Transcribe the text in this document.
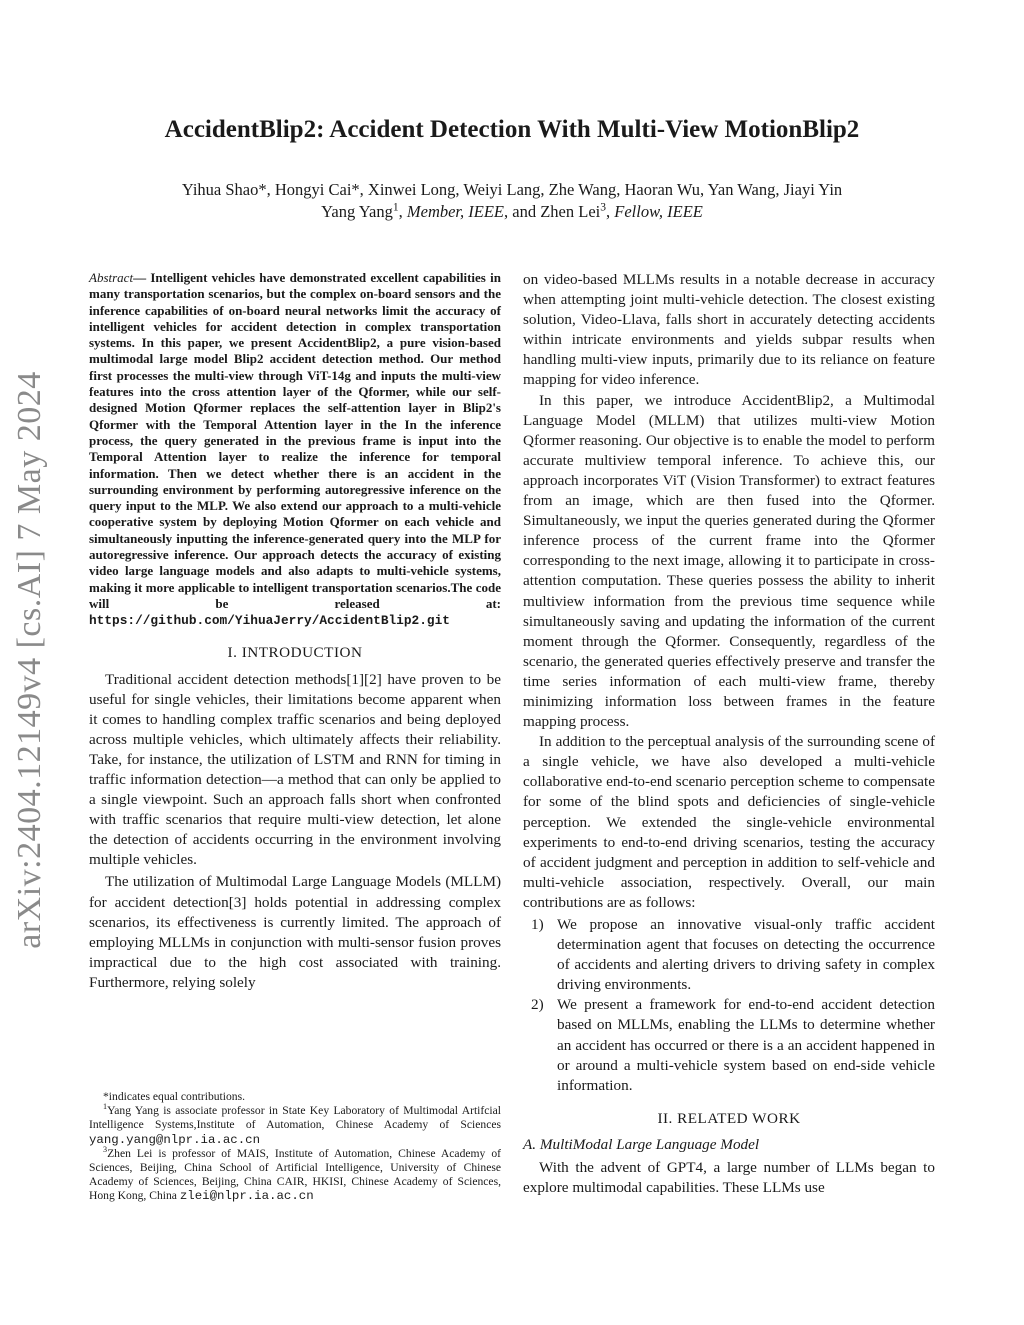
arXiv:2404.12149v4 [cs.AI] 7 May 2024
AccidentBlip2: Accident Detection With Multi-View MotionBlip2
Yihua Shao*, Hongyi Cai*, Xinwei Long, Weiyi Lang, Zhe Wang, Haoran Wu, Yan Wang, Jiayi Yin
Yang Yang$^1$, Member, IEEE, and Zhen Lei$^3$, Fellow, IEEE

Abstract— Intelligent vehicles have demonstrated excellent capabilities in many transportation scenarios, but the complex on-board sensors and the inference capabilities of on-board neural networks limit the accuracy of intelligent vehicles for accident detection in complex transportation systems. In this paper, we present AccidentBlip2, a pure vision-based multimodal large model Blip2 accident detection method. Our method first processes the multi-view through ViT-14g and inputs the multi-view features into the cross attention layer of the Qformer, while our self-designed Motion Qformer replaces the self-attention layer in Blip2's Qformer with the Temporal Attention layer in the In the inference process, the query generated in the previous frame is input into the Temporal Attention layer to realize the inference for temporal information. Then we detect whether there is an accident in the surrounding environment by performing autoregressive inference on the query input to the MLP. We also extend our approach to a multi-vehicle cooperative system by deploying Motion Qformer on each vehicle and simultaneously inputting the inference-generated query into the MLP for autoregressive inference. Our approach detects the accuracy of existing video large language models and also adapts to multi-vehicle systems, making it more applicable to intelligent transportation scenarios.The code will be released at: https://github.com/YihuaJerry/AccidentBlip2.git

I. INTRODUCTION

Traditional accident detection methods[1][2] have proven to be useful for single vehicles, their limitations become apparent when it comes to handling complex traffic scenarios and being deployed across multiple vehicles, which ultimately affects their reliability. Take, for instance, the utilization of LSTM and RNN for timing in traffic information detection—a method that can only be applied to a single viewpoint. Such an approach falls short when confronted with traffic scenarios that require multi-view detection, let alone the detection of accidents occurring in the environment involving multiple vehicles.

The utilization of Multimodal Large Language Models (MLLM) for accident detection[3] holds potential in addressing complex scenarios, its effectiveness is currently limited. The approach of employing MLLMs in conjunction with multi-sensor fusion proves impractical due to the high cost associated with training. Furthermore, relying solely

on video-based MLLMs results in a notable decrease in accuracy when attempting joint multi-vehicle detection. The closest existing solution, Video-Llava, falls short in accurately detecting accidents within intricate environments and yields subpar results when handling multi-view inputs, primarily due to its reliance on feature mapping for video inference.

In this paper, we introduce AccidentBlip2, a Multimodal Language Model (MLLM) that utilizes multi-view Motion Qformer reasoning. Our objective is to enable the model to perform accurate multiview temporal inference. To achieve this, our approach incorporates ViT (Vision Transformer) to extract features from an image, which are then fused into the Qformer. Simultaneously, we input the queries generated during the Qformer inference process of the current frame into the Qformer corresponding to the next image, allowing it to participate in cross-attention computation. These queries possess the ability to inherit multiview information from the previous time sequence while simultaneously saving and updating the information of the current moment through the Qformer. Consequently, regardless of the scenario, the generated queries effectively preserve and transfer the time series information of each multi-view frame, thereby minimizing information loss between frames in the feature mapping process.

In addition to the perceptual analysis of the surrounding scene of a single vehicle, we have also developed a multi-vehicle collaborative end-to-end scenario perception scheme to compensate for some of the blind spots and deficiencies of single-vehicle perception. We extended the single-vehicle environmental experiments to end-to-end driving scenarios, testing the accuracy of accident judgment and perception in addition to self-vehicle and multi-vehicle association, respectively. Overall, our main contributions are as follows:

1) We propose an innovative visual-only traffic accident determination agent that focuses on detecting the occurrence of accidents and alerting drivers to driving safety in complex driving environments.
2) We present a framework for end-to-end accident detection based on MLLMs, enabling the LLMs to determine whether an accident has occurred or there is a an accident happened in or around a multi-vehicle system based on end-side vehicle information.
II. RELATED WORK
A. MultiModal Large Language Model

With the advent of GPT4, a large number of LLMs began to explore multimodal capabilities. These LLMs use

*indicates equal contributions.

$^1$Yang Yang is associate professor in State Key Laboratory of Multimodal Artifcial Intelligence Systems,Institute of Automation, Chinese Academy of Sciences yang.yang@nlpr.ia.ac.cn

$^3$Zhen Lei is professor of MAIS, Institute of Automation, Chinese Academy of Sciences, Beijing, China School of Artificial Intelligence, University of Chinese Academy of Sciences, Beijing, China CAIR, HKISI, Chinese Academy of Sciences, Hong Kong, China zlei@nlpr.ia.ac.cn
